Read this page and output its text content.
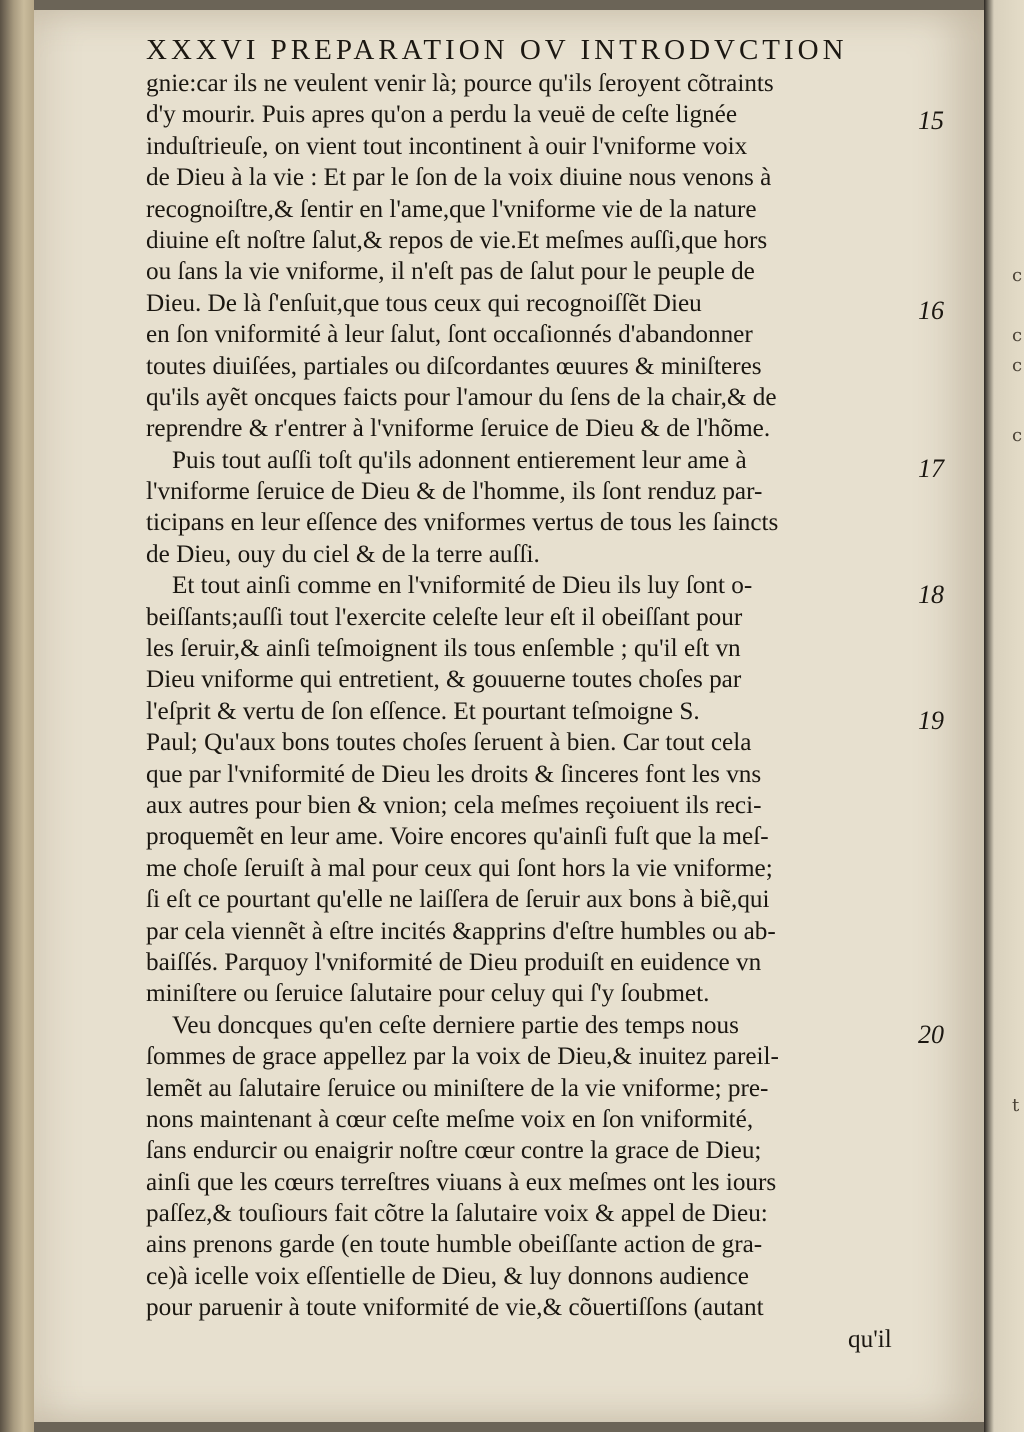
c
c
c
c
t
XXXVI PREPARATION OV INTRODVCTION
gnie:car ils ne veulent venir là; pource qu'ils ſeroyent cõtraints
d'y mourir. Puis apres qu'on a perdu la veuë de ceſte lignée
induſtrieuſe, on vient tout incontinent à ouir l'vniforme voix
de Dieu à la vie : Et par le ſon de la voix diuine nous venons à
recognoiſtre,& ſentir en l'ame,que l'vniforme vie de la nature
diuine eſt noſtre ſalut,& repos de vie.Et meſmes auſſi,que hors
ou ſans la vie vniforme, il n'eſt pas de ſalut pour le peuple de
Dieu. De là ſ'enſuit,que tous ceux qui recognoiſſẽt Dieu
en ſon vniformité à leur ſalut, ſont occaſionnés d'abandonner
toutes diuiſées, partiales ou diſcordantes œuures & miniſteres
qu'ils ayẽt oncques faicts pour l'amour du ſens de la chair,& de
reprendre & r'entrer à l'vniforme ſeruice de Dieu & de l'hõme.
Puis tout auſſi toſt qu'ils adonnent entierement leur ame à
l'vniforme ſeruice de Dieu & de l'homme, ils ſont renduz par-
ticipans en leur eſſence des vniformes vertus de tous les ſaincts
de Dieu, ouy du ciel & de la terre auſſi.
Et tout ainſi comme en l'vniformité de Dieu ils luy ſont o-
beiſſants;auſſi tout l'exercite celeſte leur eſt il obeiſſant pour
les ſeruir,& ainſi teſmoignent ils tous enſemble ; qu'il eſt vn
Dieu vniforme qui entretient, & gouuerne toutes choſes par
l'eſprit & vertu de ſon eſſence. Et pourtant teſmoigne S.
Paul; Qu'aux bons toutes choſes ſeruent à bien. Car tout cela
que par l'vniformité de Dieu les droits & ſinceres font les vns
aux autres pour bien & vnion; cela meſmes reçoiuent ils reci-
proquemẽt en leur ame. Voire encores qu'ainſi fuſt que la meſ-
me choſe ſeruiſt à mal pour ceux qui ſont hors la vie vniforme;
ſi eſt ce pourtant qu'elle ne laiſſera de ſeruir aux bons à biẽ,qui
par cela viennẽt à eſtre incités &apprins d'eſtre humbles ou ab-
baiſſés. Parquoy l'vniformité de Dieu produiſt en euidence vn
miniſtere ou ſeruice ſalutaire pour celuy qui ſ'y ſoubmet.
Veu doncques qu'en ceſte derniere partie des temps nous
ſommes de grace appellez par la voix de Dieu,& inuitez pareil-
lemẽt au ſalutaire ſeruice ou miniſtere de la vie vniforme; pre-
nons maintenant à cœur ceſte meſme voix en ſon vniformité,
ſans endurcir ou enaigrir noſtre cœur contre la grace de Dieu;
ainſi que les cœurs terreſtres viuans à eux meſmes ont les iours
paſſez,& touſiours fait cõtre la ſalutaire voix & appel de Dieu:
ains prenons garde (en toute humble obeiſſante action de gra-
ce)à icelle voix eſſentielle de Dieu, & luy donnons audience
pour paruenir à toute vniformité de vie,& cõuertiſſons (autant
qu'il
15
16
17
18
19
20
